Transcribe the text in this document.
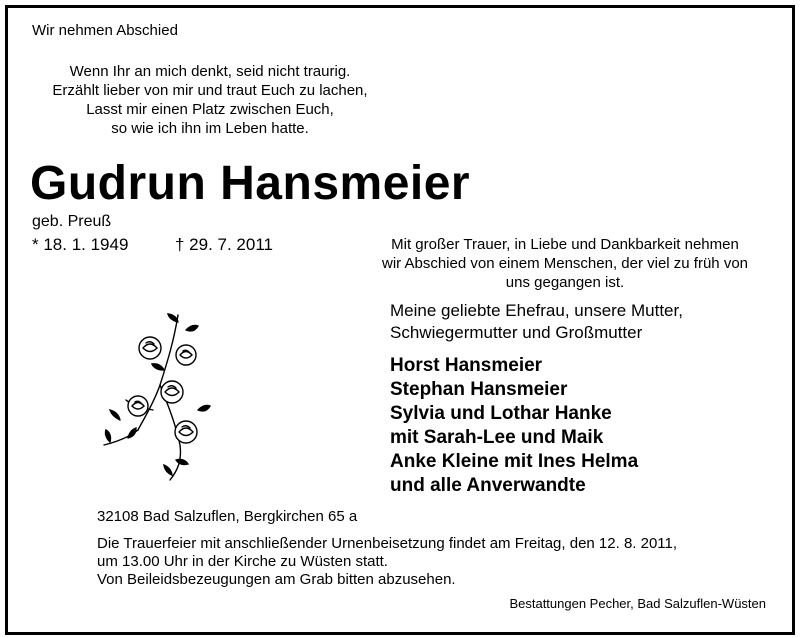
Wir nehmen Abschied
Wenn Ihr an mich denkt, seid nicht traurig.
Erzählt lieber von mir und traut Euch zu lachen,
Lasst mir einen Platz zwischen Euch,
so wie ich ihn im Leben hatte.
Gudrun Hansmeier
geb. Preuß
* 18. 1. 1949	† 29. 7. 2011	Mit großer Trauer, in Liebe und Dankbarkeit nehmen
wir Abschied von einem Menschen, der viel zu früh von
uns gegangen ist.
Meine geliebte Ehefrau, unsere Mutter,
Schwiegermutter und Großmutter
Horst Hansmeier
Stephan Hansmeier
Sylvia und Lothar Hanke
mit Sarah-Lee und Maik
Anke Kleine mit Ines Helma
und alle Anverwandte
32108 Bad Salzuflen, Bergkirchen 65 a
Die Trauerfeier mit anschließender Urnenbeisetzung findet am Freitag, den 12. 8. 2011,
um 13.00 Uhr in der Kirche zu Wüsten statt.
Von Beileidsbezeugungen am Grab bitten abzusehen.
Bestattungen Pecher, Bad Salzuflen-Wüsten
